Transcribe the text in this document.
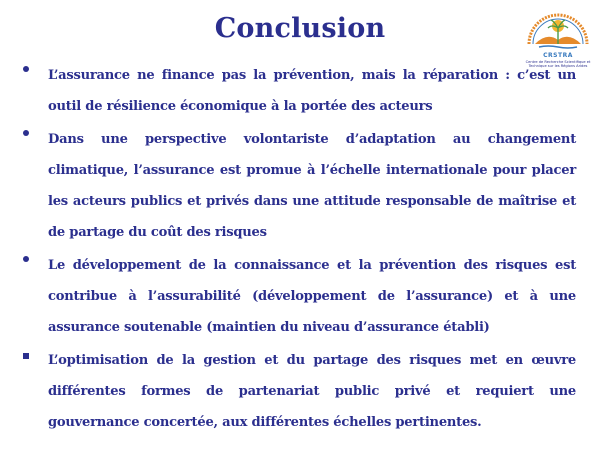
Conclusion
CRSTRA
Centre de Recherche Scientifique et Technique sur les Régions Arides
L’assurance ne finance pas la prévention, mais la réparation : c’est un outil de résilience économique à la portée des acteurs
Dans une perspective volontariste d’adaptation au changement climatique, l’assurance est promue à l’échelle internationale pour placer les acteurs publics et privés dans une attitude responsable de maîtrise et de partage du coût des risques
Le développement de la connaissance et la prévention des risques est contribue à l’assurabilité (développement de l’assurance) et à une assurance soutenable (maintien du niveau d’assurance établi)
L’optimisation de la gestion et du partage des risques met en œuvre différentes formes de partenariat public privé et requiert une gouvernance concertée, aux différentes échelles pertinentes.
